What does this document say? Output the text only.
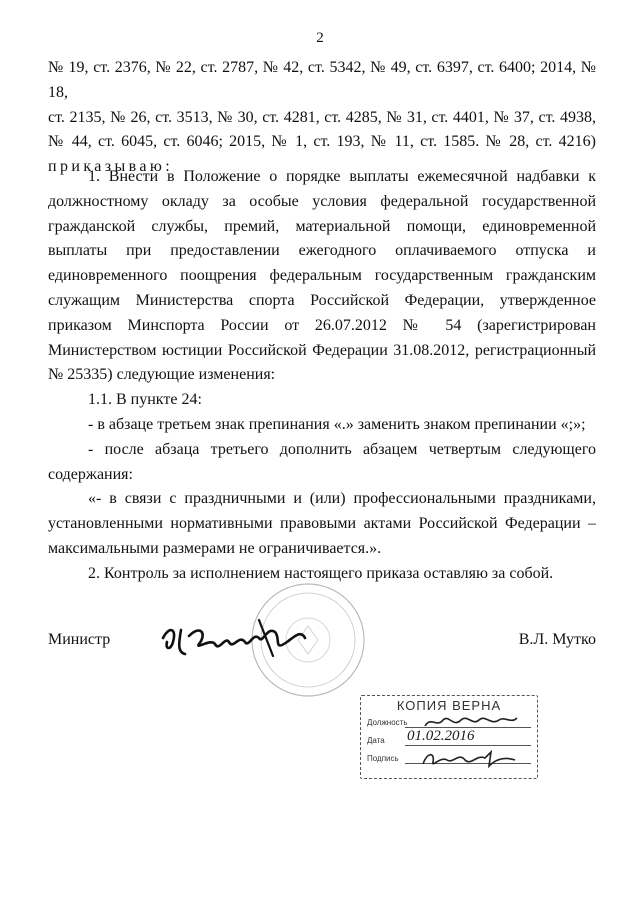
2

№ 19, ст. 2376, № 22, ст. 2787, № 42, ст. 5342, № 49, ст. 6397, ст. 6400; 2014, № 18,

ст. 2135, № 26, ст. 3513, № 30, ст. 4281, ст. 4285, № 31, ст. 4401, № 37, ст. 4938,

№ 44, ст. 6045, ст. 6046; 2015, № 1, ст. 193, № 11, ст. 1585. № 28, ст. 4216)

приказываю:

1. Внести в Положение о порядке выплаты ежемесячной надбавки к должностному окладу за особые условия федеральной государственной гражданской службы, премий, материальной помощи, единовременной выплаты при предоставлении ежегодного оплачиваемого отпуска и единовременного поощрения федеральным государственным гражданским служащим Министерства спорта Российской Федерации, утвержденное приказом Минспорта России от 26.07.2012 № 54 (зарегистрирован Министерством юстиции Российской Федерации 31.08.2012, регистрационный № 25335) следующие изменения:

1.1. В пункте 24:

- в абзаце третьем знак препинания «.» заменить знаком препинании «;»;

- после абзаца третьего дополнить абзацем четвертым следующего содержания:

«- в связи с праздничными и (или) профессиональными праздниками, установленными нормативными правовыми актами Российской Федерации – максимальными размерами не ограничивается.».

2. Контроль за исполнением настоящего приказа оставляю за собой.

Министр	В.Л. Мутко
КОПИЯ ВЕРНА
Должность
Дата 01.02.2016
Подпись
